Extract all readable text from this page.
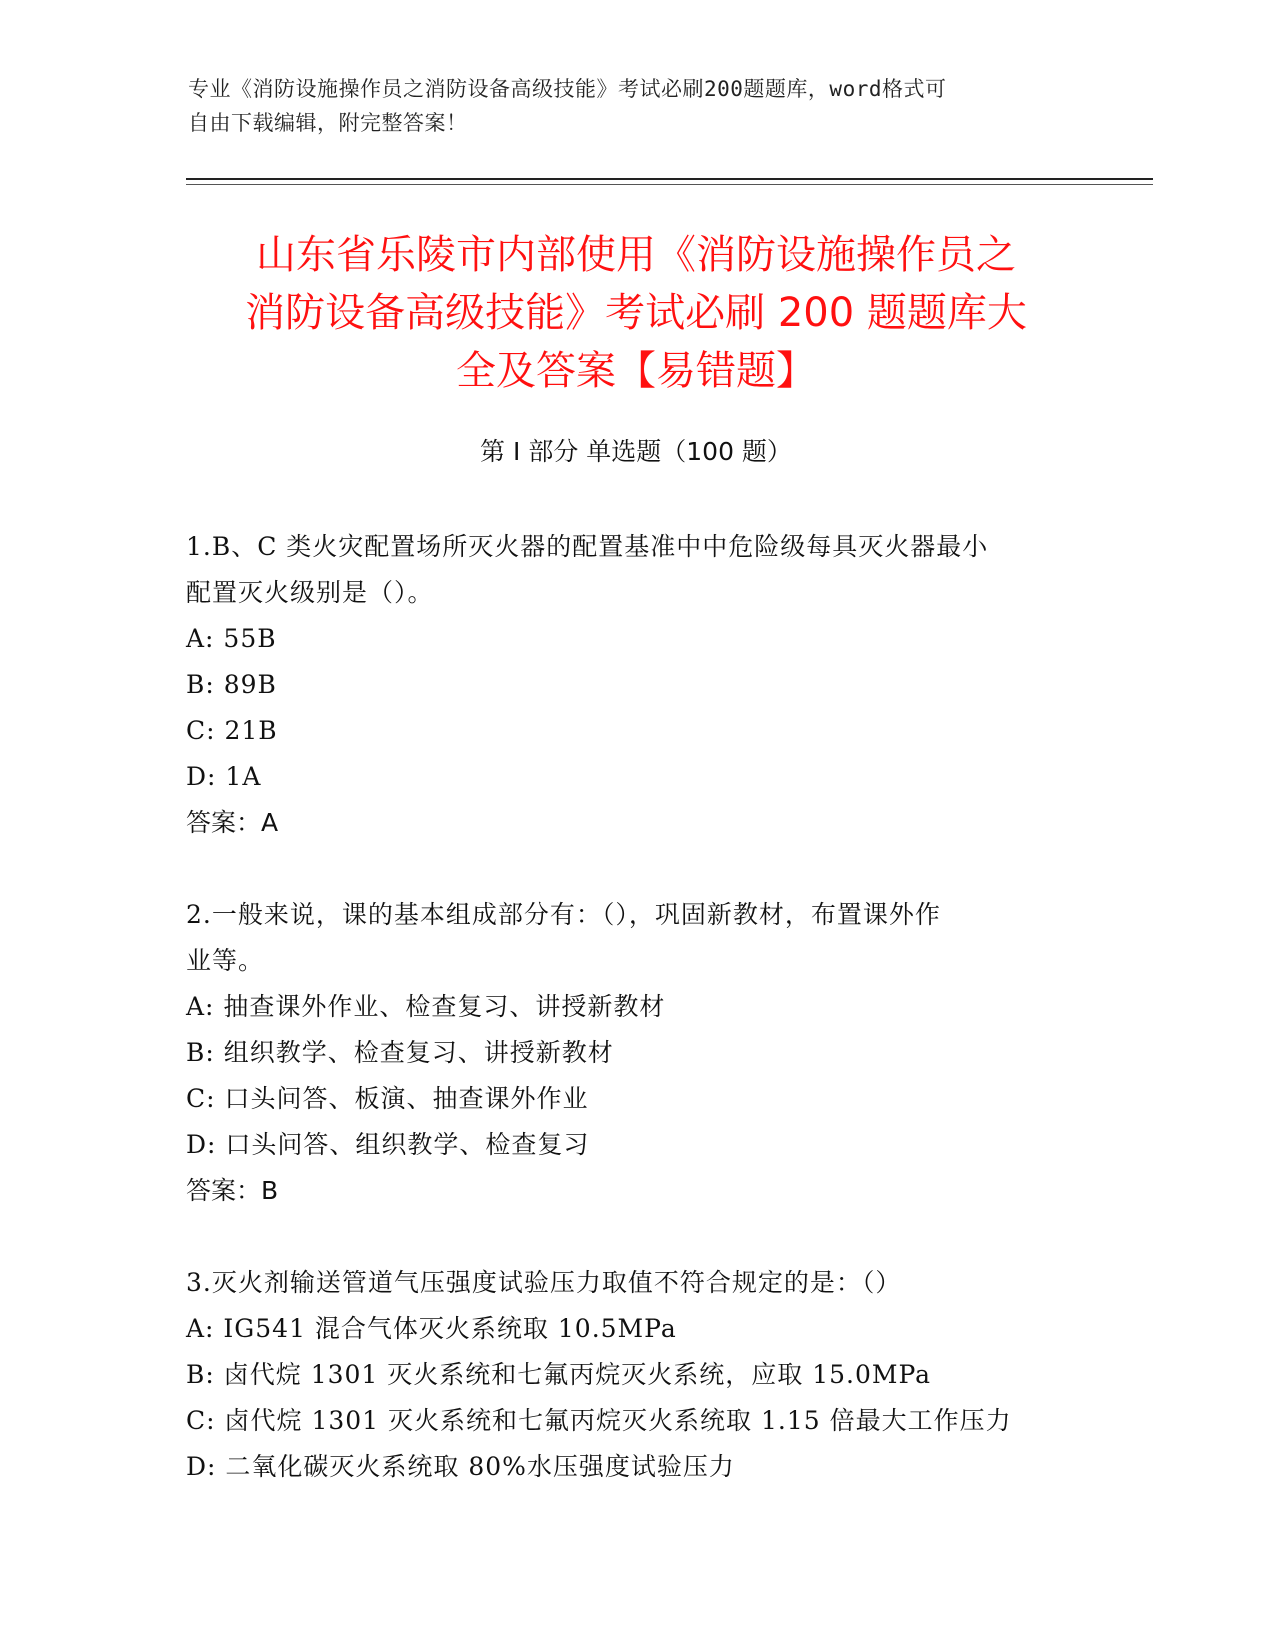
专业《消防设施操作员之消防设备高级技能》考试必刷200题题库，word格式可
自由下载编辑，附完整答案！
山东省乐陵市内部使用《消防设施操作员之
消防设备高级技能》考试必刷 200 题题库大
全及答案【易错题】
第 I 部分 单选题（100 题）
1.B、C 类火灾配置场所灭火器的配置基准中中危险级每具灭火器最小
配置灭火级别是（）。
A: 55B
B: 89B
C: 21B
D: 1A
答案：A
2.一般来说，课的基本组成部分有：（），巩固新教材，布置课外作
业等。
A: 抽查课外作业、检查复习、讲授新教材
B: 组织教学、检查复习、讲授新教材
C: 口头问答、板演、抽查课外作业
D: 口头问答、组织教学、检查复习
答案：B
3.灭火剂输送管道气压强度试验压力取值不符合规定的是：（）
A: IG541 混合气体灭火系统取 10.5MPa
B: 卤代烷 1301 灭火系统和七氟丙烷灭火系统，应取 15.0MPa
C: 卤代烷 1301 灭火系统和七氟丙烷灭火系统取 1.15 倍最大工作压力
D: 二氧化碳灭火系统取 80%水压强度试验压力
